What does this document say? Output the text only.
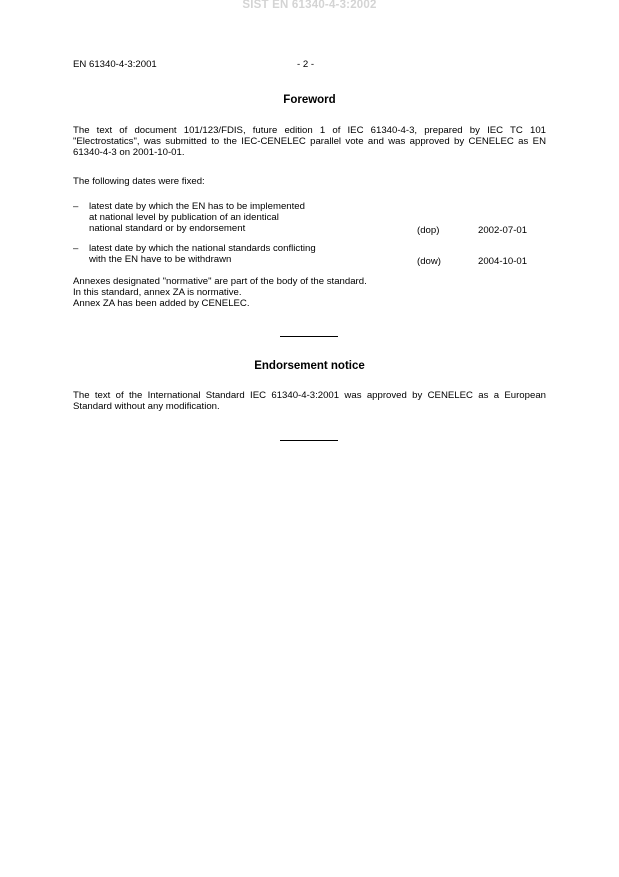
SIST EN 61340-4-3:2002
EN 61340-4-3:2001	- 2 -
Foreword

The text of document 101/123/FDIS, future edition 1 of IEC 61340-4-3, prepared by IEC TC 101 "Electrostatics", was submitted to the IEC-CENELEC parallel vote and was approved by CENELEC as EN 61340-4-3 on 2001-10-01.

The following dates were fixed:
– latest date by which the EN has to be implemented
at national level by publication of an identical
national standard or by endorsement	(dop)	2002-07-01
– latest date by which the national standards conflicting
with the EN have to be withdrawn	(dow)	2004-10-01
Annexes designated "normative" are part of the body of the standard.
In this standard, annex ZA is normative.
Annex ZA has been added by CENELEC.
Endorsement notice

The text of the International Standard IEC 61340-4-3:2001 was approved by CENELEC as a European Standard without any modification.
